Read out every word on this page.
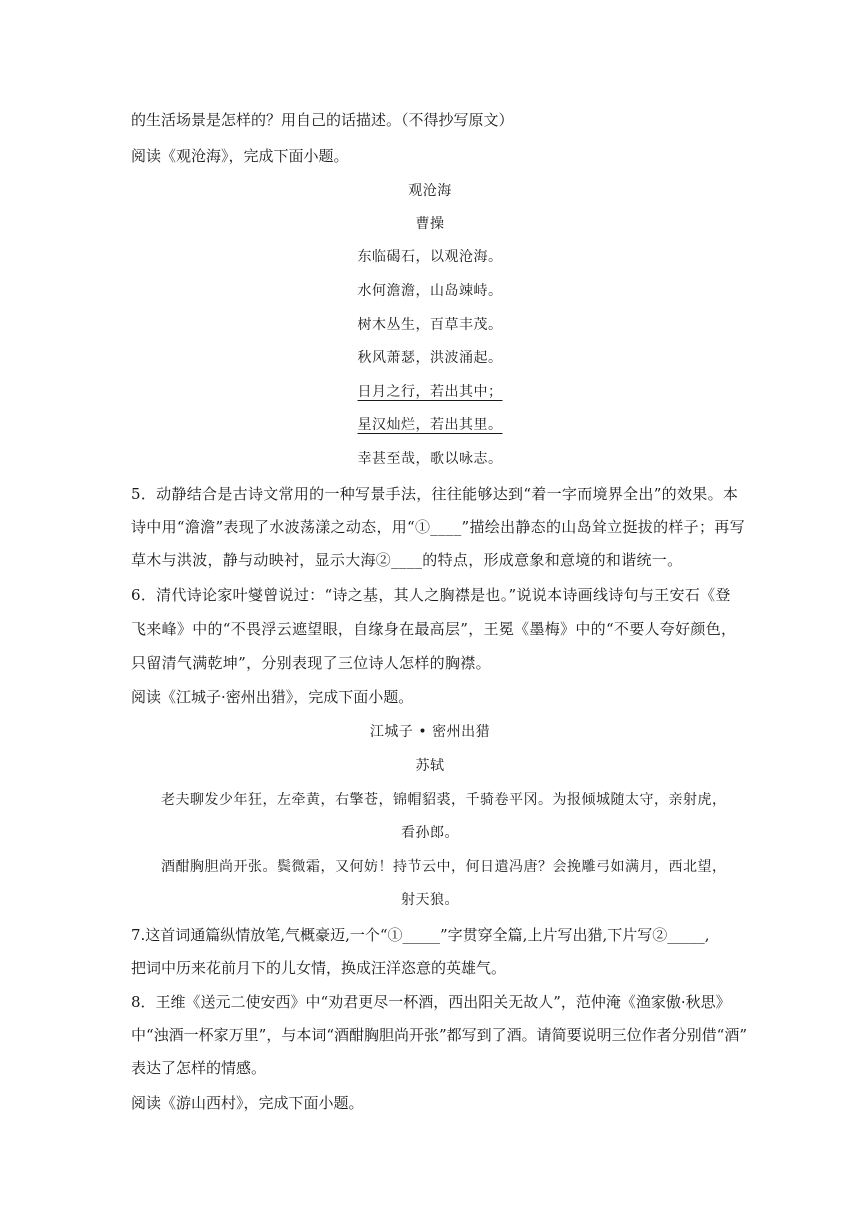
的生活场景是怎样的？用自己的话描述。（不得抄写原文）
阅读《观沧海》，完成下面小题。
观沧海
曹操
东临碣石，以观沧海。
水何澹澹，山岛竦峙。
树木丛生，百草丰茂。
秋风萧瑟，洪波涌起。
日月之行，若出其中；
星汉灿烂，若出其里。
幸甚至哉，歌以咏志。
5．动静结合是古诗文常用的一种写景手法，往往能够达到“着一字而境界全出”的效果。本
诗中用“澹澹”表现了水波荡漾之动态，用“①____”描绘出静态的山岛耸立挺拔的样子；再写
草木与洪波，静与动映衬，显示大海②____的特点，形成意象和意境的和谐统一。
6．清代诗论家叶燮曾说过：“诗之基，其人之胸襟是也。”说说本诗画线诗句与王安石《登
飞来峰》中的“不畏浮云遮望眼，自缘身在最高层”，王冕《墨梅》中的“不要人夸好颜色，
只留清气满乾坤”，分别表现了三位诗人怎样的胸襟。
阅读《江城子·密州出猎》，完成下面小题。
江城子 • 密州出猎
苏轼
老夫聊发少年狂，左牵黄，右擎苍，锦帽貂裘，千骑卷平冈。为报倾城随太守，亲射虎，
看孙郎。
酒酣胸胆尚开张。鬓微霜，又何妨！持节云中，何日遣冯唐？会挽雕弓如满月，西北望，
射天狼。
7.这首词通篇纵情放笔,气概豪迈,一个“①_____”字贯穿全篇,上片写出猎,下片写②_____,
把词中历来花前月下的儿女情，换成汪洋恣意的英雄气。
8．王维《送元二使安西》中“劝君更尽一杯酒，西出阳关无故人”，范仲淹《渔家傲·秋思》
中“浊酒一杯家万里”，与本词“酒酣胸胆尚开张”都写到了酒。请简要说明三位作者分别借“酒”
表达了怎样的情感。
阅读《游山西村》，完成下面小题。
